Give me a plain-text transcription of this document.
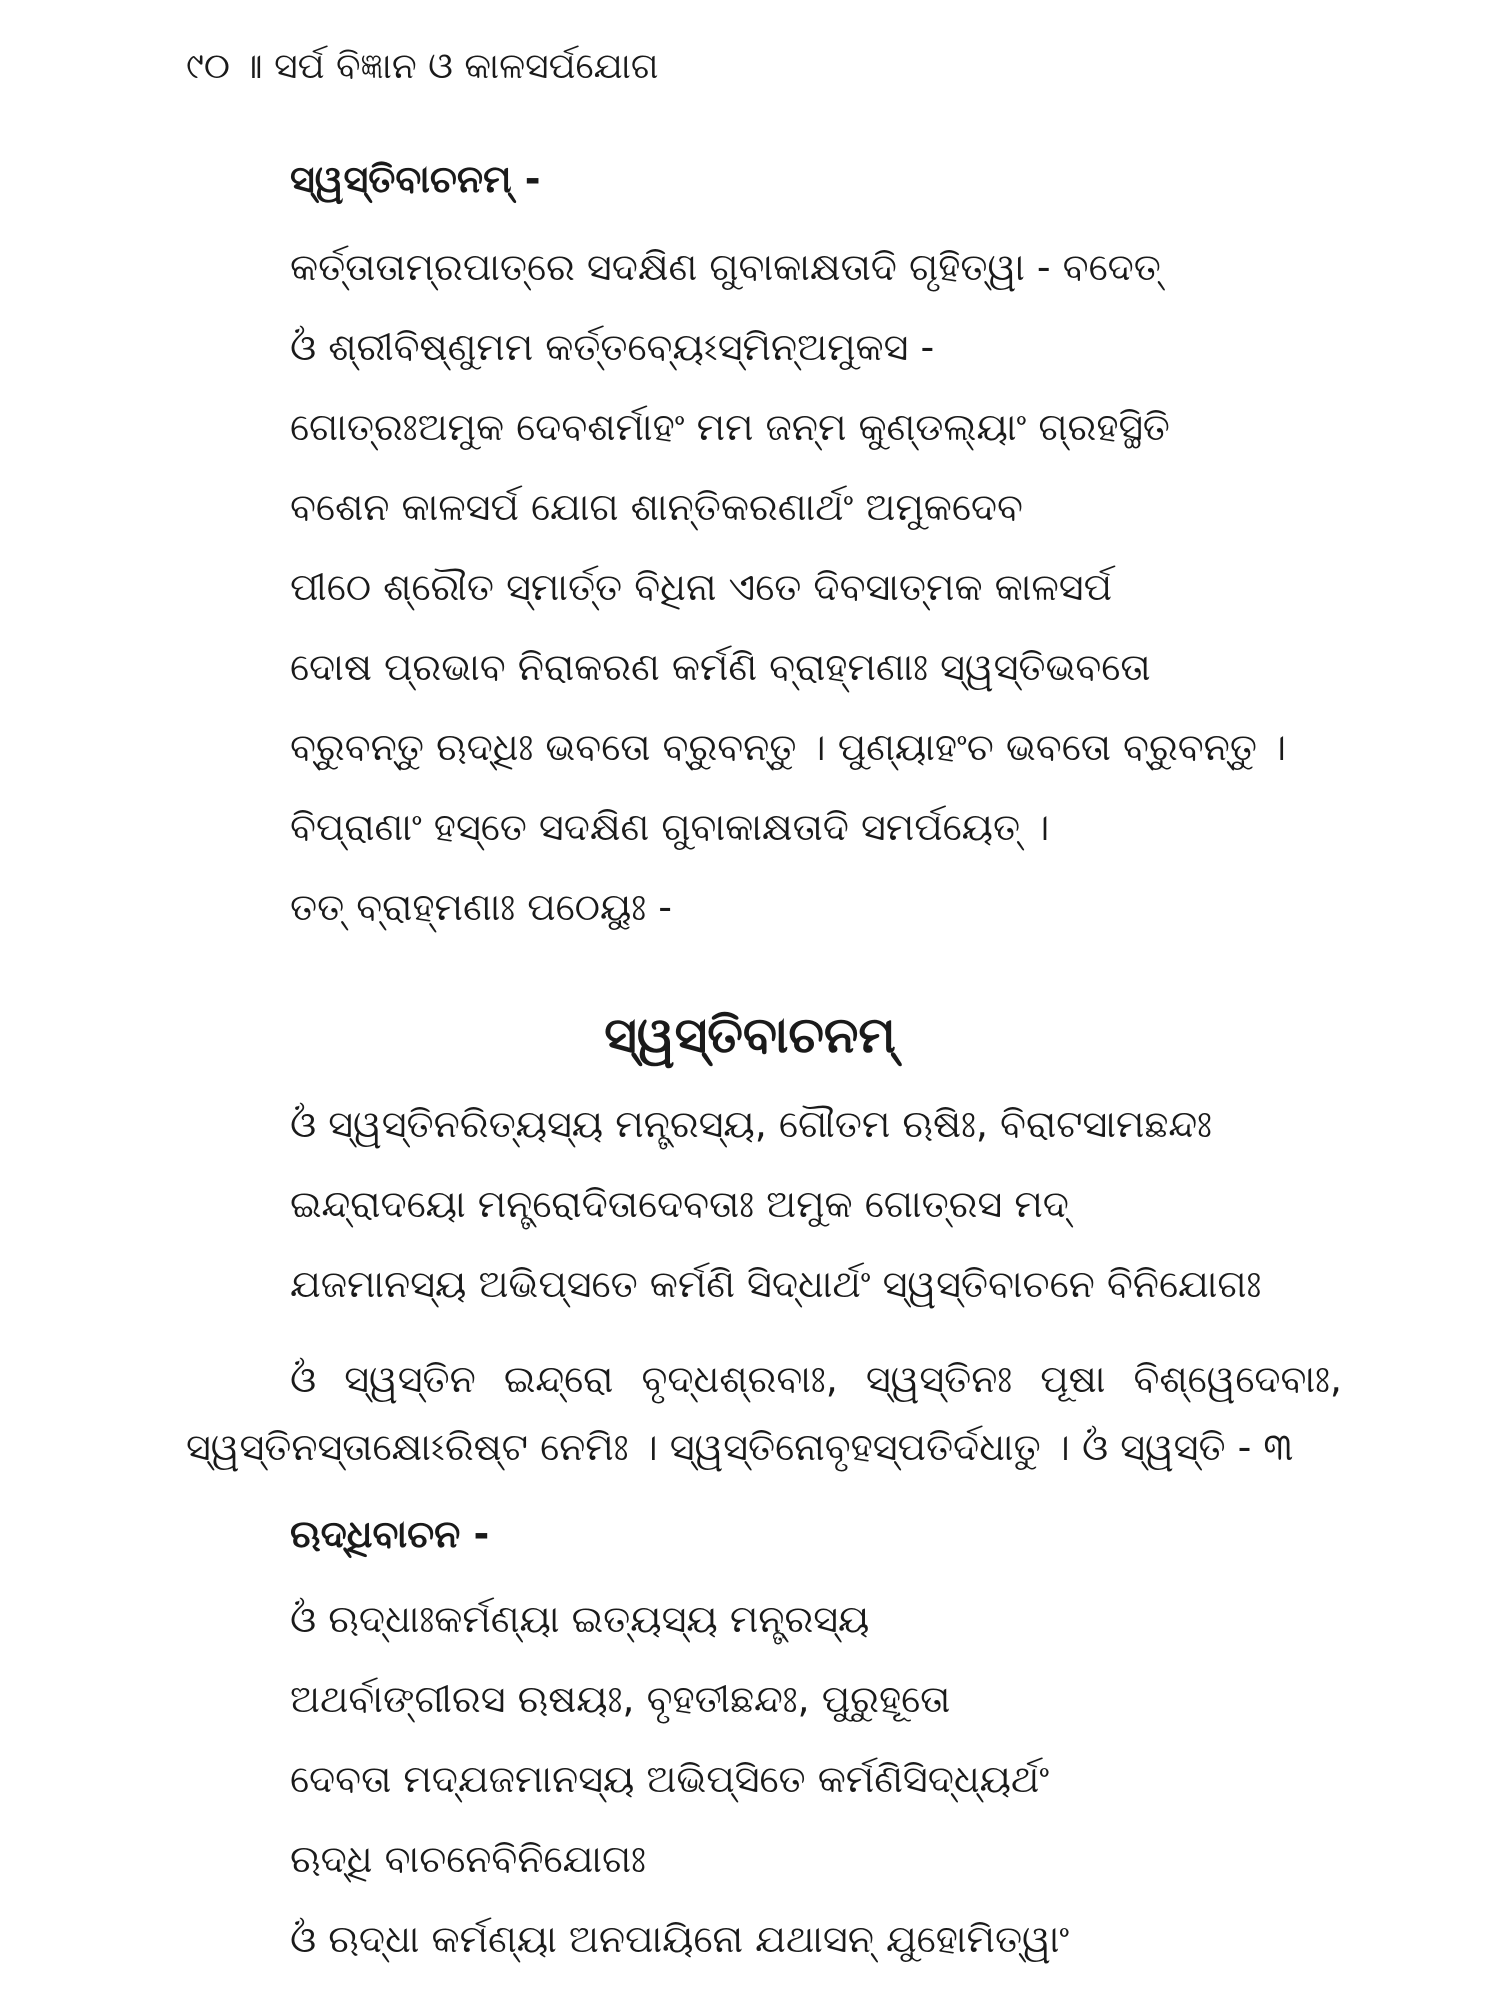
୯୦ ॥ ସର୍ପ ବିଜ୍ଞାନ ଓ କାଳସର୍ପଯୋଗ
ସ୍ୱସ୍ତିବାଚନମ୍ -
କର୍ତ୍ତାତାମ୍ରପାତ୍ରେ ସଦକ୍ଷିଣ ଗୁବାକାକ୍ଷତାଦି ଗୃହିତ୍ୱା - ବଦେତ୍
ଓଁ ଶ୍ରୀବିଷ୍ଣୁମମ କର୍ତ୍ତବ୍ୟେଽସ୍ମିନ୍‌ଅମୁକସ -
ଗୋତ୍ରଃଅମୁକ ଦେବଶର୍ମାହଂ ମମ ଜନ୍ମ କୁଣ୍ଡଲ୍ୟାଂ ଗ୍ରହସ୍ଥିତି
ବଶେନ କାଳସର୍ପ ଯୋଗ ଶାନ୍ତିକରଣାର୍ଥଂ ଅମୁକଦେବ
ପୀଠେ ଶ୍ରୌତ ସ୍ମାର୍ତ୍ତ ବିଧିନା ଏତେ ଦିବସାତ୍ମକ କାଳସର୍ପ
ଦୋଷ ପ୍ରଭାବ ନିରାକରଣ କର୍ମଣି ବ୍ରାହ୍ମଣାଃ ସ୍ୱସ୍ତିଭବତୋ
ବ୍ରୁବନ୍ତୁ ଋଦ୍ଧିଃ ଭବତୋ ବ୍ରୁବନ୍ତୁ । ପୁଣ୍ୟାହଂଚ ଭବତୋ ବ୍ରୁବନ୍ତୁ ।
ବିପ୍ରାଣାଂ ହସ୍ତେ ସଦକ୍ଷିଣ ଗୁବାକାକ୍ଷତାଦି ସମର୍ପୟେତ୍ ।
ତତ୍ ବ୍ରାହ୍ମଣାଃ ପଠେୟୁଃ -
ସ୍ୱସ୍ତିବାଚନମ୍
ଓଁ ସ୍ୱସ୍ତିନରିତ୍ୟସ୍ୟ ମନ୍ତ୍ରସ୍ୟ, ଗୌତମ ଋଷିଃ, ବିରାଟସାମଛନ୍ଦଃ
ଇନ୍ଦ୍ରାଦୟୋ ମନ୍ତ୍ରୋଦିତାଦେବତାଃ ଅମୁକ ଗୋତ୍ରସ ମଦ୍
ଯଜମାନସ୍ୟ ଅଭିପ୍ସତେ କର୍ମଣି ସିଦ୍ଧାର୍ଥଂ ସ୍ୱସ୍ତିବାଚନେ ବିନିଯୋଗଃ
ଓଁ ସ୍ୱସ୍ତିନ ଇନ୍ଦ୍ରୋ ବୃଦ୍ଧଶ୍ରବାଃ, ସ୍ୱସ୍ତିନଃ ପୂଷା ବିଶ୍ୱେଦେବାଃ,
ସ୍ୱସ୍ତିନସ୍ତାକ୍ଷୋଽରିଷ୍ଟ ନେମିଃ । ସ୍ୱସ୍ତିନୋବୃହସ୍ପତିର୍ଦଧାତୁ । ଓଁ ସ୍ୱସ୍ତି - ୩
ଋଦ୍ଧିବାଚନ -
ଓଁ ଋଦ୍ଧାଃକର୍ମଣ୍ୟା ଇତ୍ୟସ୍ୟ ମନ୍ତ୍ରସ୍ୟ
ଅଥର୍ବାଙ୍ଗୀରସ ଋଷୟଃ, ବୃହତୀଛନ୍ଦଃ, ପୁରୁହୂତୋ
ଦେବତା ମଦ୍‌ଯଜମାନସ୍ୟ ଅଭିପ୍ସିତେ କର୍ମଣିସିଦ୍ଧ୍ୟର୍ଥଂ
ଋଦ୍ଧି ବାଚନେବିନିଯୋଗଃ
ଓଁ ଋଦ୍ଧା କର୍ମଣ୍ୟା ଅନପାୟିନୋ ଯଥାସନ୍ ଯୁହୋମିତ୍ୱାଂ
